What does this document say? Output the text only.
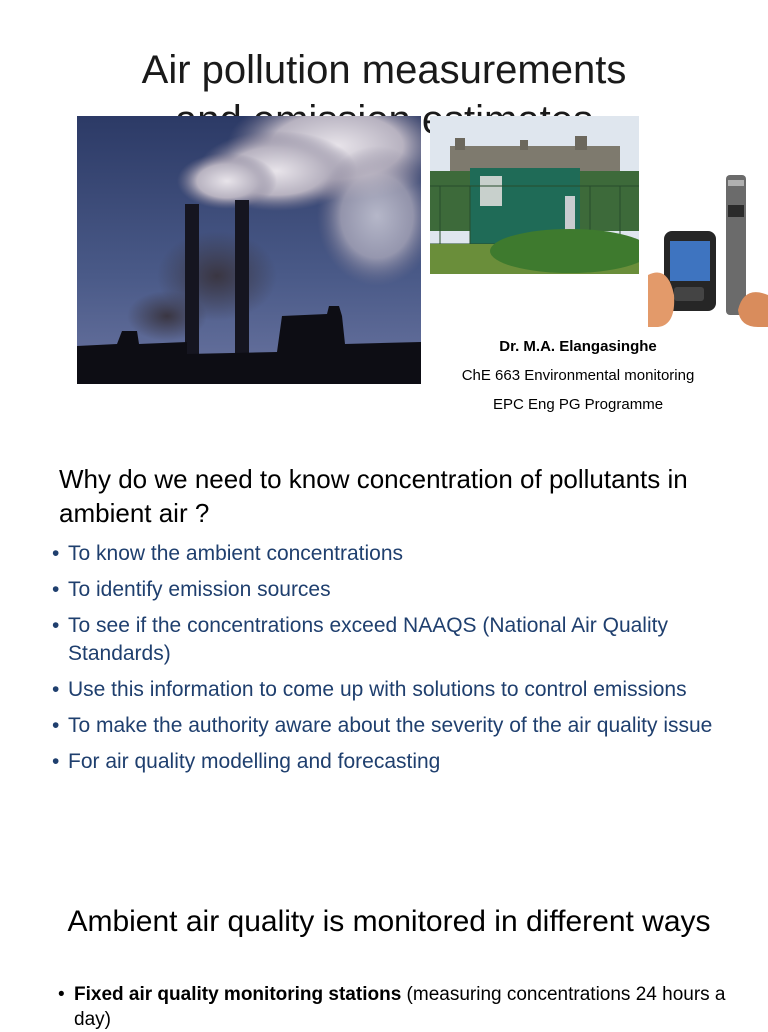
Air pollution measurements
Dr. M.A. Elangasinghe
ChE 663 Environmental monitoring
EPC Eng PG Programme
Why do we need to know concentration of pollutants in ambient air ?
• To know the ambient concentrations
• To identify emission sources
• To see if the concentrations exceed NAAQS (National Air Quality Standards)
• Use this information to come up with solutions to control emissions
• To make the authority aware about the severity of the air quality issue
• For air quality modelling and forecasting
Ambient air quality is monitored in different ways
• Fixed air quality monitoring stations (measuring concentrations 24 hours a day)
